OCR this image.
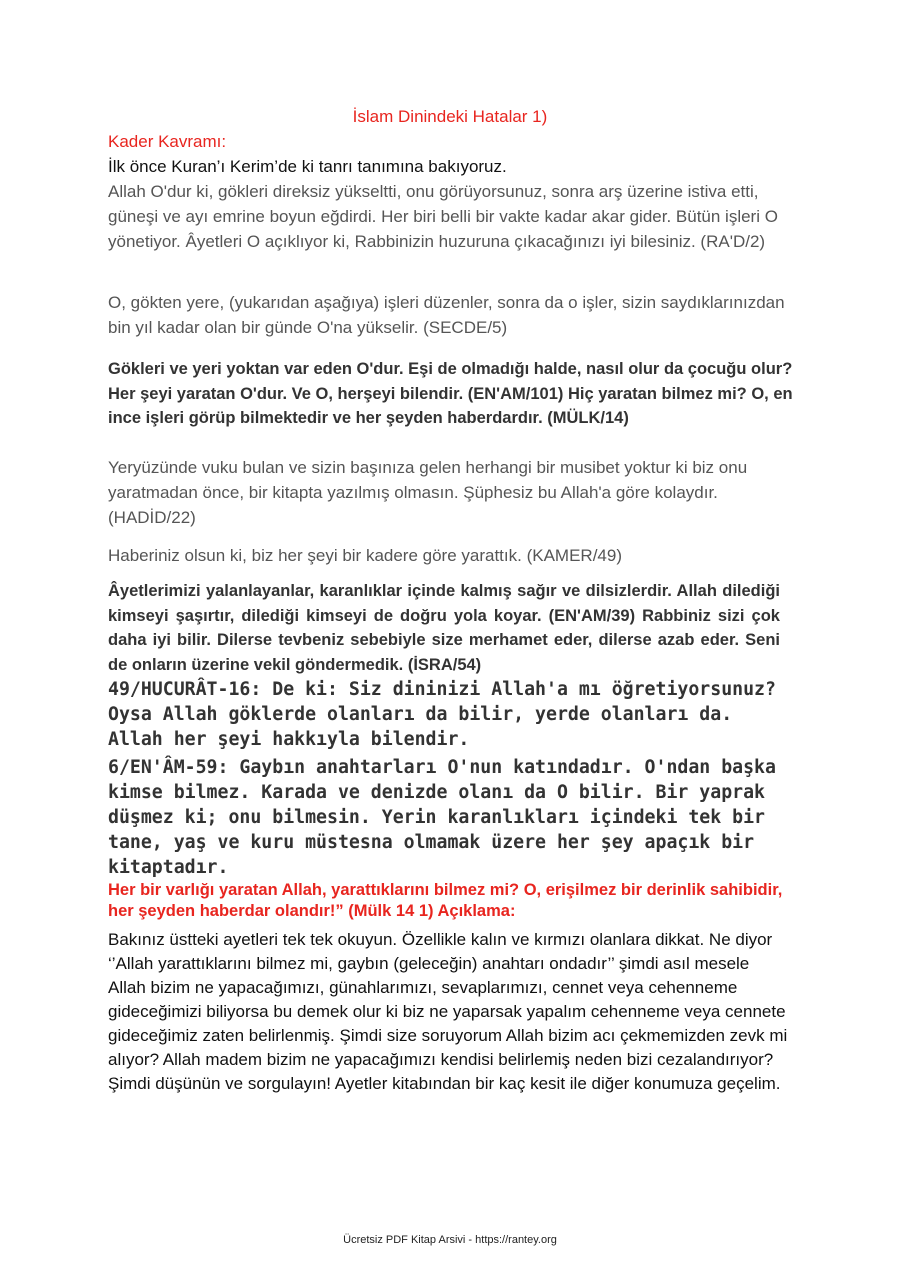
İslam Dinindeki Hatalar 1)

Kader Kavramı:

İlk önce Kuran’ı Kerim’de ki tanrı tanımına bakıyoruz.

Allah O'dur ki, gökleri direksiz yükseltti, onu görüyorsunuz, sonra arş üzerine istiva etti, güneşi ve ayı emrine boyun eğdirdi. Her biri belli bir vakte kadar akar gider. Bütün işleri O yönetiyor. Âyetleri O açıklıyor ki, Rabbinizin huzuruna çıkacağınızı iyi bilesiniz. (RA'D/2)

O, gökten yere, (yukarıdan aşağıya) işleri düzenler, sonra da o işler, sizin saydıklarınızdan bin yıl kadar olan bir günde O'na yükselir. (SECDE/5)

Gökleri ve yeri yoktan var eden O'dur. Eşi de olmadığı halde, nasıl olur da çocuğu olur? Her şeyi yaratan O'dur. Ve O, herşeyi bilendir. (EN'AM/101) Hiç yaratan bilmez mi? O, en ince işleri görüp bilmektedir ve her şeyden haberdardır. (MÜLK/14)

Yeryüzünde vuku bulan ve sizin başınıza gelen herhangi bir musibet yoktur ki biz onu yaratmadan önce, bir kitapta yazılmış olmasın. Şüphesiz bu Allah'a göre kolaydır. (HADİD/22)

Haberiniz olsun ki, biz her şeyi bir kadere göre yarattık. (KAMER/49)

Âyetlerimizi yalanlayanlar, karanlıklar içinde kalmış sağır ve dilsizlerdir. Allah dilediği kimseyi şaşırtır, dilediği kimseyi de doğru yola koyar. (EN'AM/39) Rabbiniz sizi çok daha iyi bilir. Dilerse tevbeniz sebebiyle size merhamet eder, dilerse azab eder. Seni de onların üzerine vekil göndermedik. (İSRA/54)

49/HUCURÂT-16: De ki: Siz dininizi Allah'a mı öğretiyorsunuz? Oysa Allah göklerde olanları da bilir, yerde olanları da. Allah her şeyi hakkıyla bilendir.

6/EN'ÂM-59: Gaybın anahtarları O'nun katındadır. O'ndan başka kimse bilmez. Karada ve denizde olanı da O bilir. Bir yaprak düşmez ki; onu bilmesin. Yerin karanlıkları içindeki tek bir tane, yaş ve kuru müstesna olmamak üzere her şey apaçık bir kitaptadır.

Her bir varlığı yaratan Allah, yarattıklarını bilmez mi? O, erişilmez bir derinlik sahibidir, her şeyden haberdar olandır!” (Mülk 14 1) Açıklama:

Bakınız üstteki ayetleri tek tek okuyun. Özellikle kalın ve kırmızı olanlara dikkat. Ne diyor ‘’Allah yarattıklarını bilmez mi, gaybın (geleceğin) anahtarı ondadır’’ şimdi asıl mesele Allah bizim ne yapacağımızı, günahlarımızı, sevaplarımızı, cennet veya cehenneme gideceğimizi biliyorsa bu demek olur ki biz ne yaparsak yapalım cehenneme veya cennete gideceğimiz zaten belirlenmiş. Şimdi size soruyorum Allah bizim acı çekmemizden zevk mi alıyor? Allah madem bizim ne yapacağımızı kendisi belirlemiş neden bizi cezalandırıyor? Şimdi düşünün ve sorgulayın! Ayetler kitabından bir kaç kesit ile diğer konumuza geçelim.

Ücretsiz PDF Kitap Arsivi - https://rantey.org
